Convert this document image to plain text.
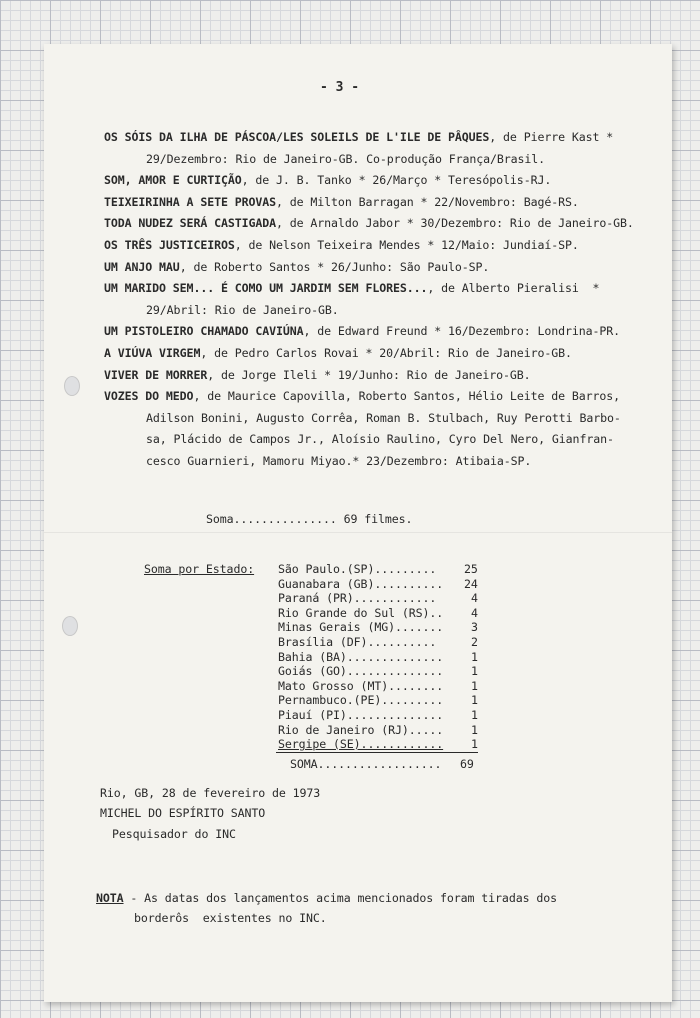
- 3 -
OS SÓIS DA ILHA DE PÁSCOA/LES SOLEILS DE L'ILE DE PÂQUES, de Pierre Kast *
29/Dezembro: Rio de Janeiro-GB. Co-produção França/Brasil.
SOM, AMOR E CURTIÇÃO, de J. B. Tanko * 26/Março * Teresópolis-RJ.
TEIXEIRINHA A SETE PROVAS, de Milton Barragan * 22/Novembro: Bagé-RS.
TODA NUDEZ SERÁ CASTIGADA, de Arnaldo Jabor * 30/Dezembro: Rio de Janeiro-GB.
OS TRÊS JUSTICEIROS, de Nelson Teixeira Mendes * 12/Maio: Jundiaí-SP.
UM ANJO MAU, de Roberto Santos * 26/Junho: São Paulo-SP.
UM MARIDO SEM... É COMO UM JARDIM SEM FLORES..., de Alberto Pieralisi  *
29/Abril: Rio de Janeiro-GB.
UM PISTOLEIRO CHAMADO CAVIÚNA, de Edward Freund * 16/Dezembro: Londrina-PR.
A VIÚVA VIRGEM, de Pedro Carlos Rovai * 20/Abril: Rio de Janeiro-GB.
VIVER DE MORRER, de Jorge Ileli * 19/Junho: Rio de Janeiro-GB.
VOZES DO MEDO, de Maurice Capovilla, Roberto Santos, Hélio Leite de Barros,
Adilson Bonini, Augusto Corrêa, Roman B. Stulbach, Ruy Perotti Barbo-
sa, Plácido de Campos Jr., Aloísio Raulino, Cyro Del Nero, Gianfran-
cesco Guarnieri, Mamoru Miyao.* 23/Dezembro: Atibaia-SP.
Soma............... 69 filmes.
Soma por Estado: São Paulo.(SP)......... 25
Guanabara (GB).......... 24
Paraná (PR)............	4
Rio Grande do Sul (RS).. 4
Minas Gerais (MG)....... 3
Brasília (DF)..........	2
Bahia (BA).............. 1
Goiás (GO).............. 1
Mato Grosso (MT)........ 1
Pernambuco.(PE)......... 1
Piauí (PI).............. 1
Rio de Janeiro (RJ)..... 1
Sergipe (SE)............ 1
SOMA.................. 69
Rio, GB, 28 de fevereiro de 1973
MICHEL DO ESPÍRITO SANTO
Pesquisador do INC
NOTA - As datas dos lançamentos acima mencionados foram tiradas dos
borderôs  existentes no INC.
